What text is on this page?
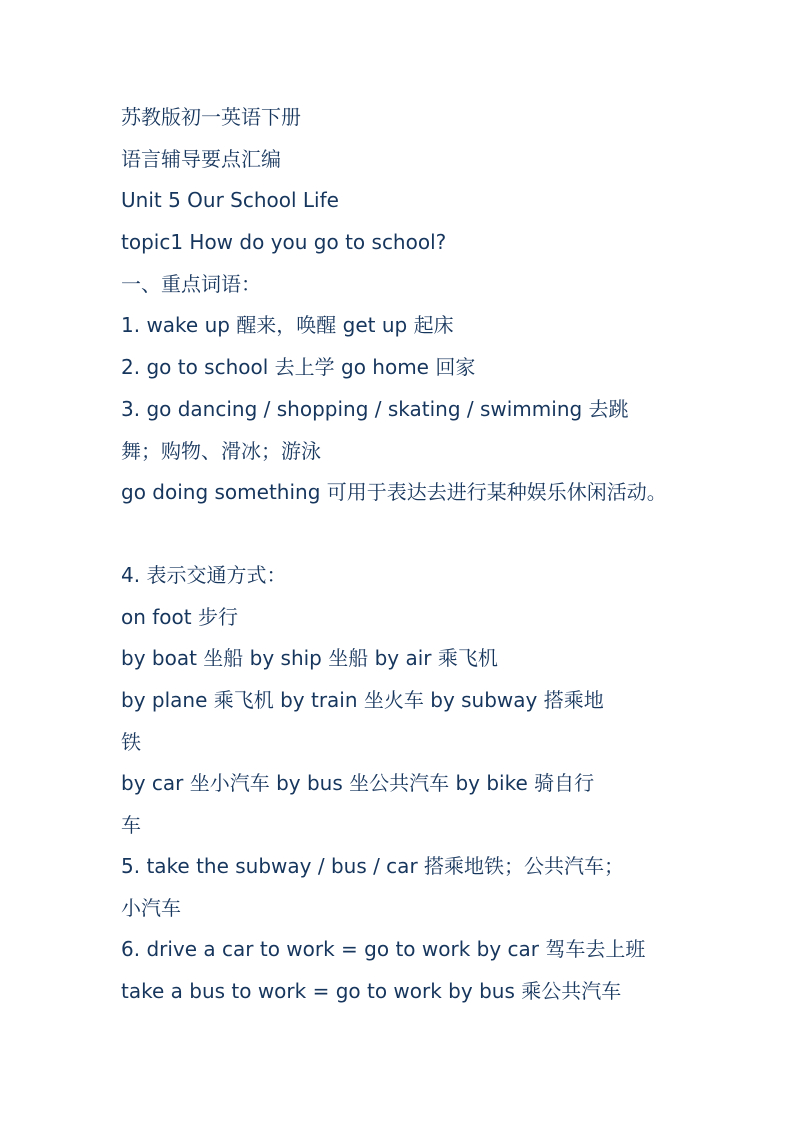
苏教版初一英语下册
语言辅导要点汇编
Unit 5 Our School Life
topic1 How do you go to school?
一、重点词语：
1. wake up 醒来，唤醒 get up 起床
2. go to school 去上学 go home 回家
3. go dancing / shopping / skating / swimming 去跳
舞；购物、滑冰；游泳
go doing something 可用于表达去进行某种娱乐休闲活动。
4. 表示交通方式：
on foot 步行
by boat 坐船 by ship 坐船 by air 乘飞机
by plane 乘飞机 by train 坐火车 by subway 搭乘地
铁
by car 坐小汽车 by bus 坐公共汽车 by bike 骑自行
车
5. take the subway / bus / car 搭乘地铁；公共汽车；
小汽车
6. drive a car to work = go to work by car 驾车去上班
take a bus to work = go to work by bus 乘公共汽车
